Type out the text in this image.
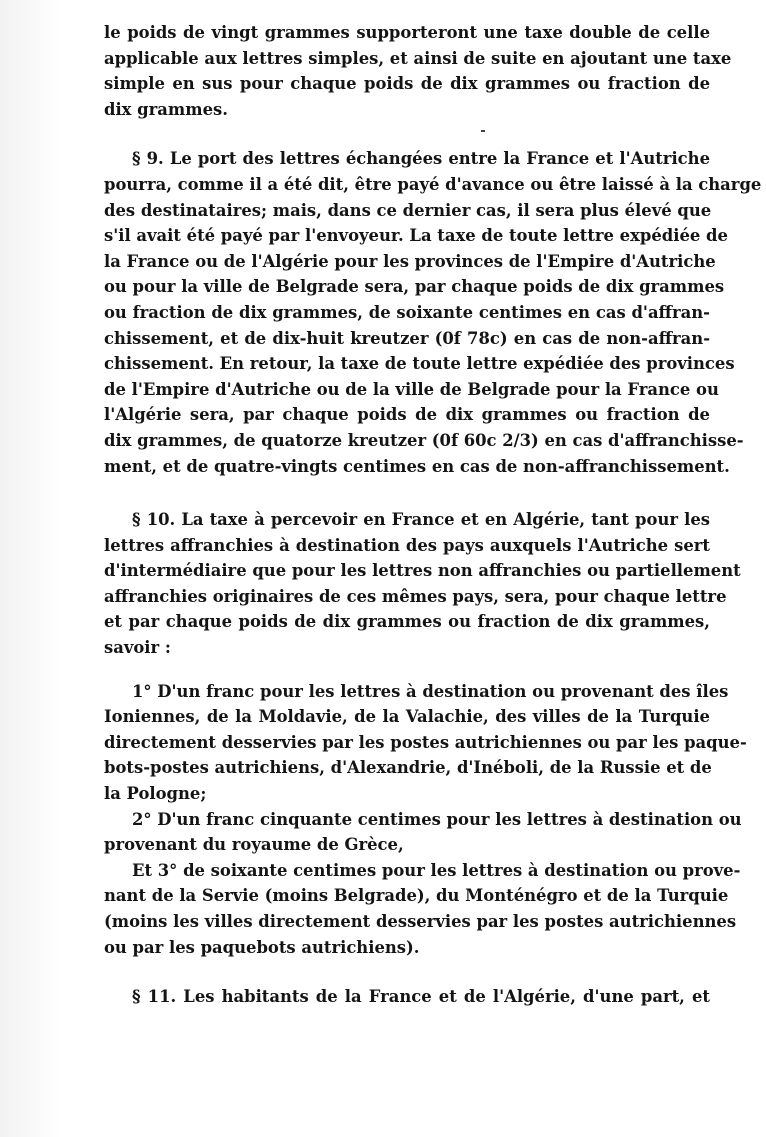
le poids de vingt grammes supporteront une taxe double de celle
applicable aux lettres simples, et ainsi de suite en ajoutant une taxe
simple en sus pour chaque poids de dix grammes ou fraction de
dix grammes.
§ 9. Le port des lettres échangées entre la France et l'Autriche
pourra, comme il a été dit, être payé d'avance ou être laissé à la charge
des destinataires; mais, dans ce dernier cas, il sera plus élevé que
s'il avait été payé par l'envoyeur. La taxe de toute lettre expédiée de
la France ou de l'Algérie pour les provinces de l'Empire d'Autriche
ou pour la ville de Belgrade sera, par chaque poids de dix grammes
ou fraction de dix grammes, de soixante centimes en cas d'affran-
chissement, et de dix-huit kreutzer (0f 78c) en cas de non-affran-
chissement. En retour, la taxe de toute lettre expédiée des provinces
de l'Empire d'Autriche ou de la ville de Belgrade pour la France ou
l'Algérie sera, par chaque poids de dix grammes ou fraction de
dix grammes, de quatorze kreutzer (0f 60c 2/3) en cas d'affranchisse-
ment, et de quatre-vingts centimes en cas de non-affranchissement.
§ 10. La taxe à percevoir en France et en Algérie, tant pour les
lettres affranchies à destination des pays auxquels l'Autriche sert
d'intermédiaire que pour les lettres non affranchies ou partiellement
affranchies originaires de ces mêmes pays, sera, pour chaque lettre
et par chaque poids de dix grammes ou fraction de dix grammes,
savoir :
1° D'un franc pour les lettres à destination ou provenant des îles
Ioniennes, de la Moldavie, de la Valachie, des villes de la Turquie
directement desservies par les postes autrichiennes ou par les paque-
bots-postes autrichiens, d'Alexandrie, d'Inéboli, de la Russie et de
la Pologne;
2° D'un franc cinquante centimes pour les lettres à destination ou
provenant du royaume de Grèce,
Et 3° de soixante centimes pour les lettres à destination ou prove-
nant de la Servie (moins Belgrade), du Monténégro et de la Turquie
(moins les villes directement desservies par les postes autrichiennes
ou par les paquebots autrichiens).
§ 11. Les habitants de la France et de l'Algérie, d'une part, et
